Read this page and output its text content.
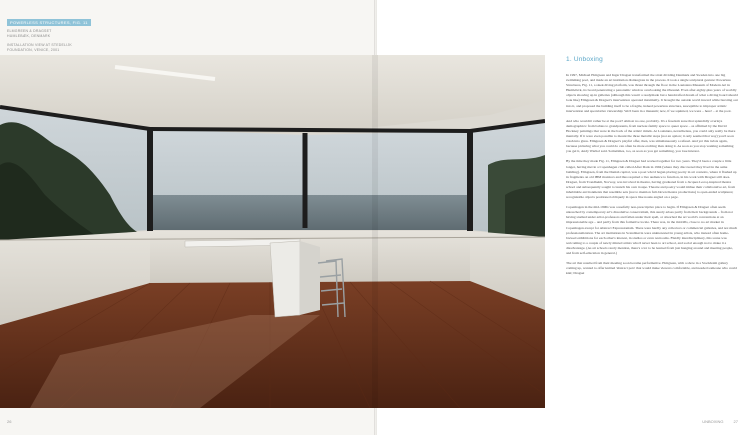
POWERLESS STRUCTURES, FIG. 11
ELMGREEN & DRAGSET
HUMLEBÆK, DENMARK
INSTALLATION VIEW AT STEDELIJK
FOUNDATION, VENICE, 2001
26
1. Unboxing

In 1997, Michael Elmgreen and Ingar Dragset transformed the strait dividing Denmark and Sweden into one big swimming pool, and made an art institution disintegrate in the process. It took a single sculptural gesture: Powerless Structures, Fig. 11, a sleek diving platform, was thrust through the floor in the Louisiana Museum of Modern Art in Humlebæk, its board penetrating a panoramic window overlooking the Øresund. Even after eighty-plus years of worldly objects showing up in galleries (although this wasn't a readymade but a handcrafted dream of what a diving board should look like) Elmgreen & Dragset's intervention operated maximally. It brought the outside world inward while bursting out into it, and proposed the building itself to be a fragile, indeed powerless structure, susceptible to improper artistic intervention and speculative viewership: We'd been in a museum; now, if we squinted, we were – here! – at the pool.

And who wouldn't rather be at the pool? Almost no one, probably. It's a freedom zone that splendidly overlays demographics: from babies to grandparents, from nuclear-family space to queer space – as affirmed by the David Hockney paintings that were in the back of the artists' minds. At Louisiana, nevertheless, you could only really be there mentally. If it were even possible to mount the three metallic steps (not an option; it only seemed that way) you'd soon crash into glass. Elmgreen & Dragset's playful offer, then, was simultaneously a refusal. And yet this twists again, because picturing what you could do can often be more exciting than doing it. As soon as you stop wanting something you get it, Andy Warhol said. Sometimes, too, as soon as you get something, you lose interest.

By the time they made Fig. 11, Elmgreen & Dragset had worked together for two years. They'd been a couple a little longer, having met in a Copenhagen club called After Dark in 1994 (where they discovered they lived in the same building). Elmgreen, from the Danish capital, was a poet who'd begun placing poetry in art contexts, where it flashed up in fragments on old IBM monitors and thus required a live audience to function, in his work with Dragset still does. Dragset, from Trondheim, Norway, was involved in theatre, having graduated from a Jacques Lecoq-inspired theatre school and subsequently sought to launch his own troupe. Theatre and poetry would imbue their collaborative art, from inhabitable environments that resemble sets (not to mention full-blown theatre productions) to open-ended sculptures; recognisable objects positioned obliquely in space like nouns angled on a page.

Copenhagen in the mid-1990s was a usefully non-prescriptive place to begin. If Elmgreen & Dragset often seem untouched by contemporary art's dissolutive conservatism, this surely arises partly from their backgrounds – from not having studied under artist-professors and fallen under their spell, or absorbed the art world's conventions at an impressionable age – and partly from this formative locale. There was, in the mid-90s, close to no art market in Copenhagen except for Abstract Expressionism. There were hardly any collectors or commercial galleries, and not much professionalization. The art institutions in Scandinavia were uninterested in young artists, who instead often home-brewed exhibitions for each other's interest, in studios or even restrooms. Fluidly interdisciplinary, this scene was welcoming to a couple of newly minted artists who'd never been to art school, and social enough not to make it a disadvantage. (As art schools rarely mention, there's a lot to be learned from just hanging around and meeting people, and from self-education in general.)

The art that resulted from their meeting soon became performative. Elmgreen, with a show in a Stockholm gallery coming up, wanted to offer knitted 'abstract pots' that would make viewers comfortable, and needed someone who could knit; Dragset

UNBOXING	27
